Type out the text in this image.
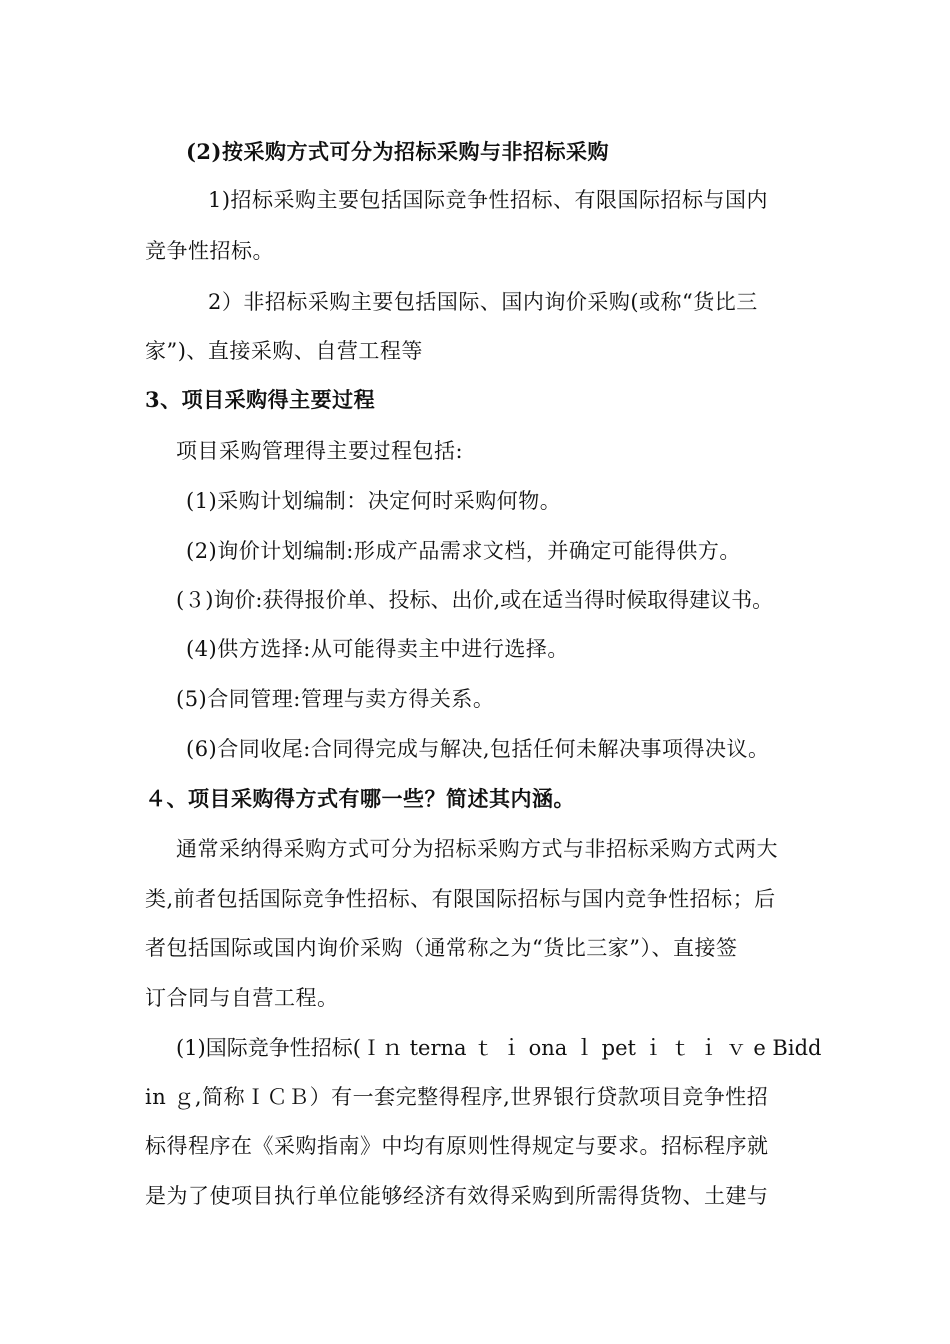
(2)按采购方式可分为招标采购与非招标采购
1)招标采购主要包括国际竞争性招标、有限国际招标与国内
竞争性招标。
2）非招标采购主要包括国际、国内询价采购(或称“货比三
家”)、直接采购、自营工程等
3、项目采购得主要过程
项目采购管理得主要过程包括:
(1)采购计划编制：决定何时采购何物。
(2)询价计划编制:形成产品需求文档，并确定可能得供方。
(３)询价:获得报价单、投标、出价,或在适当得时候取得建议书。
(4)供方选择:从可能得卖主中进行选择。
(5)合同管理:管理与卖方得关系。
(6)合同收尾:合同得完成与解决,包括任何未解决事项得决议。
４、项目采购得方式有哪一些？简述其内涵。
通常采纳得采购方式可分为招标采购方式与非招标采购方式两大
类,前者包括国际竞争性招标、有限国际招标与国内竞争性招标；后
者包括国际或国内询价采购（通常称之为“货比三家”）、直接签
订合同与自营工程。
(1)国际竞争性招标(Ｉｎ terna ｔ ｉ ona ｌ pet ｉ ｔ ｉ ｖ e Bidd
in ｇ,简称ＩＣＢ）有一套完整得程序,世界银行贷款项目竞争性招
标得程序在《采购指南》中均有原则性得规定与要求。招标程序就
是为了使项目执行单位能够经济有效得采购到所需得货物、土建与
